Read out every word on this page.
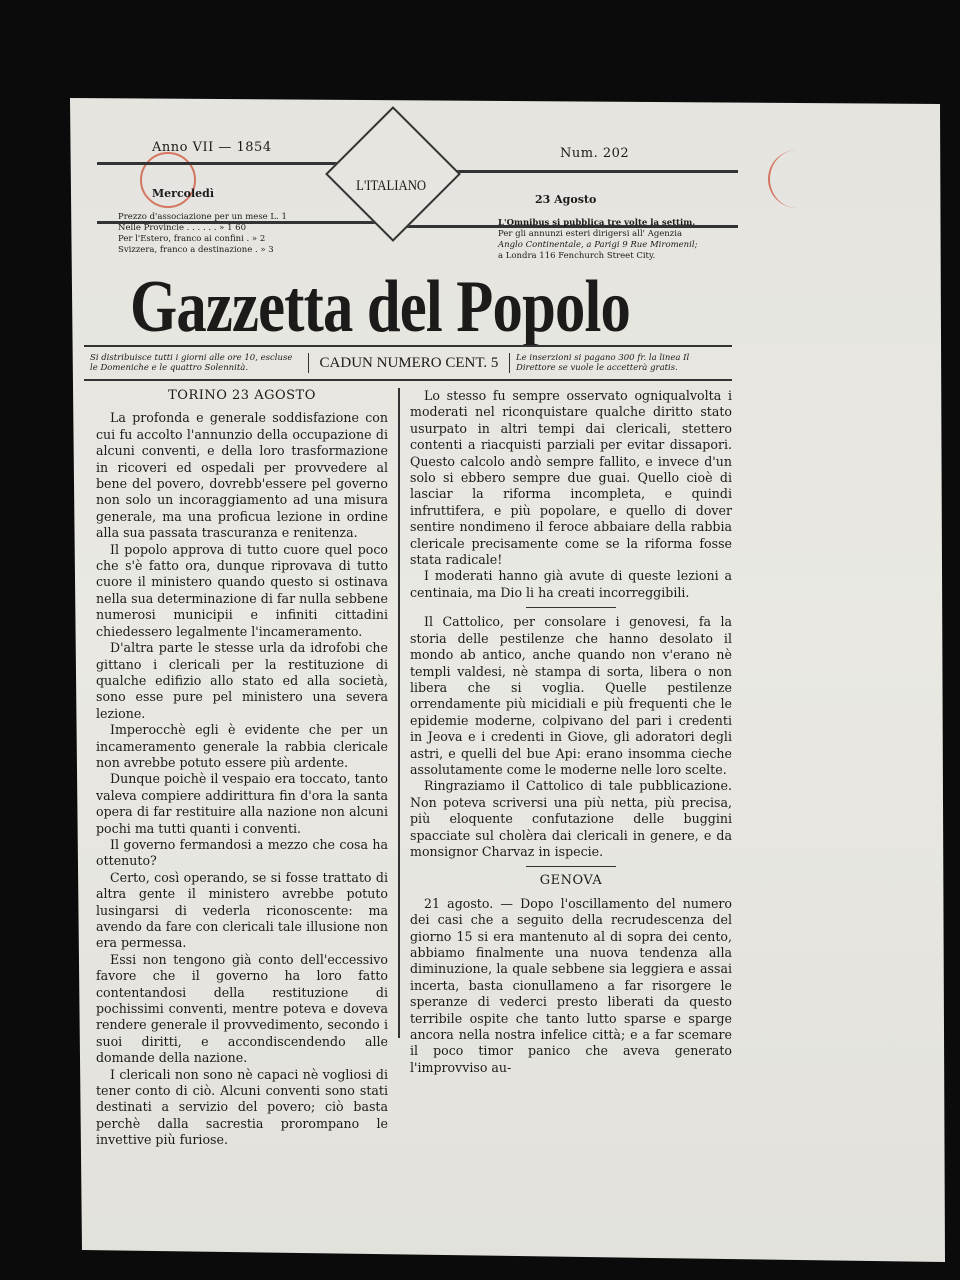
Anno VII — 1854	Num. 202
Mercoledì	23 Agosto
L'ITALIANO
Prezzo d'associazione per un mese L. 1
Nelle Provincie . . . . . . » 1 60
Per l'Estero, franco ai confini . » 2
Svizzera, franco a destinazione . » 3
L'Omnibus si pubblica tre volte la settim.
Per gli annunzi esteri dirigersi all' Agenzia
Anglo Continentale, a Parigi 9 Rue Miromenil;
a Londra 116 Fenchurch Street City.
Gazzetta del Popolo
Si distribuisce tutti i giorni alle ore 10, escluse le Domeniche e le quattro Solennità.	CADUN NUMERO CENT. 5	Le inserzioni si pagano 300 fr. la linea Il Direttore se vuole le accetterà gratis.
TORINO 23 AGOSTO

La profonda e generale soddisfazione con cui fu accolto l'annunzio della occupazione di alcuni conventi, e della loro trasformazione in ricoveri ed ospedali per provvedere al bene del povero, dovrebb'essere pel governo non solo un incoraggiamento ad una misura generale, ma una proficua lezione in ordine alla sua passata trascuranza e renitenza.

Il popolo approva di tutto cuore quel poco che s'è fatto ora, dunque riprovava di tutto cuore il ministero quando questo si ostinava nella sua determinazione di far nulla sebbene numerosi municipii e infiniti cittadini chiedessero legalmente l'incameramento.

D'altra parte le stesse urla da idrofobi che gittano i clericali per la restituzione di qualche edifizio allo stato ed alla società, sono esse pure pel ministero una severa lezione.

Imperocchè egli è evidente che per un incameramento generale la rabbia clericale non avrebbe potuto essere più ardente.

Dunque poichè il vespaio era toccato, tanto valeva compiere addirittura fin d'ora la santa opera di far restituire alla nazione non alcuni pochi ma tutti quanti i conventi.

Il governo fermandosi a mezzo che cosa ha ottenuto?

Certo, così operando, se si fosse trattato di altra gente il ministero avrebbe potuto lusingarsi di vederla riconoscente: ma avendo da fare con clericali tale illusione non era permessa.

Essi non tengono già conto dell'eccessivo favore che il governo ha loro fatto contentandosi della restituzione di pochissimi conventi, mentre poteva e doveva rendere generale il provvedimento, secondo i suoi diritti, e accondiscendendo alle domande della nazione.

I clericali non sono nè capaci nè vogliosi di tener conto di ciò. Alcuni conventi sono stati destinati a servizio del povero; ciò basta perchè dalla sacrestia prorompano le invettive più furiose.

Lo stesso fu sempre osservato ogniqualvolta i moderati nel riconquistare qualche diritto stato usurpato in altri tempi dai clericali, stettero contenti a riacquisti parziali per evitar dissapori. Questo calcolo andò sempre fallito, e invece d'un solo si ebbero sempre due guai. Quello cioè di lasciar la riforma incompleta, e quindi infruttifera, e più popolare, e quello di dover sentire nondimeno il feroce abbaiare della rabbia clericale precisamente come se la riforma fosse stata radicale!

I moderati hanno già avute di queste lezioni a centinaia, ma Dio li ha creati incorreggibili.

Il Cattolico, per consolare i genovesi, fa la storia delle pestilenze che hanno desolato il mondo ab antico, anche quando non v'erano nè templi valdesi, nè stampa di sorta, libera o non libera che si voglia. Quelle pestilenze orrendamente più micidiali e più frequenti che le epidemie moderne, colpivano del pari i credenti in Jeova e i credenti in Giove, gli adoratori degli astri, e quelli del bue Api: erano insomma cieche assolutamente come le moderne nelle loro scelte.

Ringraziamo il Cattolico di tale pubblicazione. Non poteva scriversi una più netta, più precisa, più eloquente confutazione delle buggini spacciate sul cholèra dai clericali in genere, e da monsignor Charvaz in ispecie.

GENOVA

21 agosto. — Dopo l'oscillamento del numero dei casi che a seguito della recrudescenza del giorno 15 si era mantenuto al di sopra dei cento, abbiamo finalmente una nuova tendenza alla diminuzione, la quale sebbene sia leggiera e assai incerta, basta cionullameno a far risorgere le speranze di vederci presto liberati da questo terribile ospite che tanto lutto sparse e sparge ancora nella nostra infelice città; e a far scemare il poco timor panico che aveva generato l'improvviso au-
